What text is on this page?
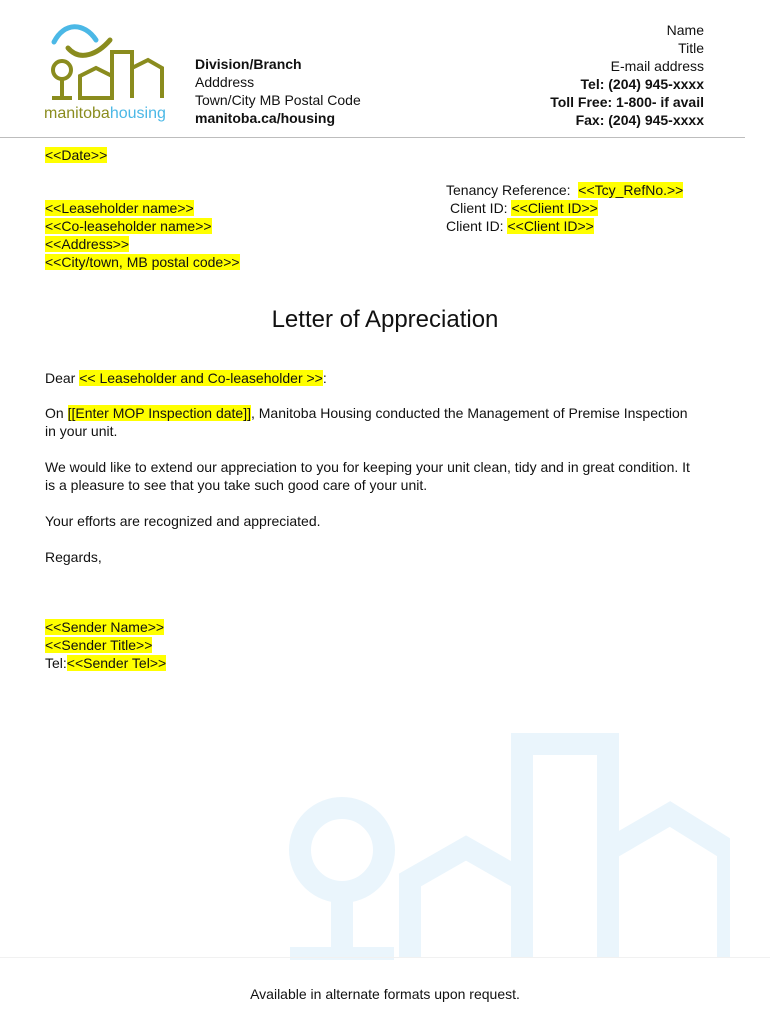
manitobahousing
Division/Branch
Adddress
Town/City MB Postal Code
manitoba.ca/housing
Name
Title
E-mail address
Tel: (204) 945-xxxx
Toll Free: 1-800- if avail
Fax: (204) 945-xxxx
<<Date>>
<<Leaseholder name>>
<<Co-leaseholder name>>
<<Address>>
<<City/town, MB postal code>>
Tenancy Reference:  <<Tcy_RefNo.>>
Client ID: <<Client ID>>
Client ID: <<Client ID>>
Letter of Appreciation
Dear << Leaseholder and Co-leaseholder >>:
On [[Enter MOP Inspection date]], Manitoba Housing conducted the Management of Premise Inspection in your unit.
We would like to extend our appreciation to you for keeping your unit clean, tidy and in great condition. It is a pleasure to see that you take such good care of your unit.
Your efforts are recognized and appreciated.
Regards,
<<Sender Name>>
<<Sender Title>>
Tel:<<Sender Tel>>
Available in alternate formats upon request.
